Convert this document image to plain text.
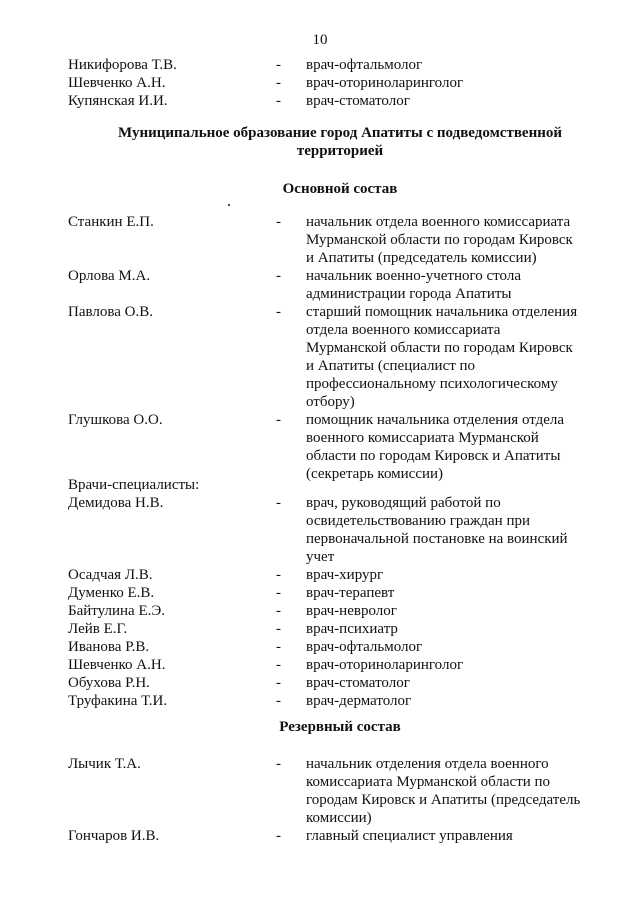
10
Никифорова Т.В.	-	врач-офтальмолог
Шевченко А.Н.	-	врач-оториноларинголог
Купянская И.И.	-	врач-стоматолог
Муниципальное образование город Апатиты с подведомственной
территорией
Основной состав
Станкин Е.П.	-	начальник отдела военного комиссариата
Мурманской области по городам Кировск
и Апатиты (председатель комиссии)
Орлова М.А.	-	начальник военно-учетного стола
администрации города Апатиты
Павлова О.В.	-	старший помощник начальника отделения
отдела военного комиссариата
Мурманской области по городам Кировск
и Апатиты (специалист по
профессиональному психологическому
отбору)
Глушкова О.О.	-	помощник начальника отделения отдела
военного комиссариата Мурманской
области по городам Кировск и Апатиты
(секретарь комиссии)
Врачи-специалисты:
Демидова Н.В.	-	врач, руководящий работой по
освидетельствованию граждан при
первоначальной постановке на воинский
учет
Осадчая Л.В.	-	врач-хирург
Думенко Е.В.	-	врач-терапевт
Байтулина Е.Э.	-	врач-невролог
Лейв Е.Г.	-	врач-психиатр
Иванова Р.В.	-	врач-офтальмолог
Шевченко А.Н.	-	врач-оториноларинголог
Обухова Р.Н.	-	врач-стоматолог
Труфакина Т.И.	-	врач-дерматолог
Резервный состав
Лычик Т.А.	-	начальник отделения отдела военного
комиссариата Мурманской области по
городам Кировск и Апатиты (председатель
комиссии)
Гончаров И.В.	-	главный специалист управления
